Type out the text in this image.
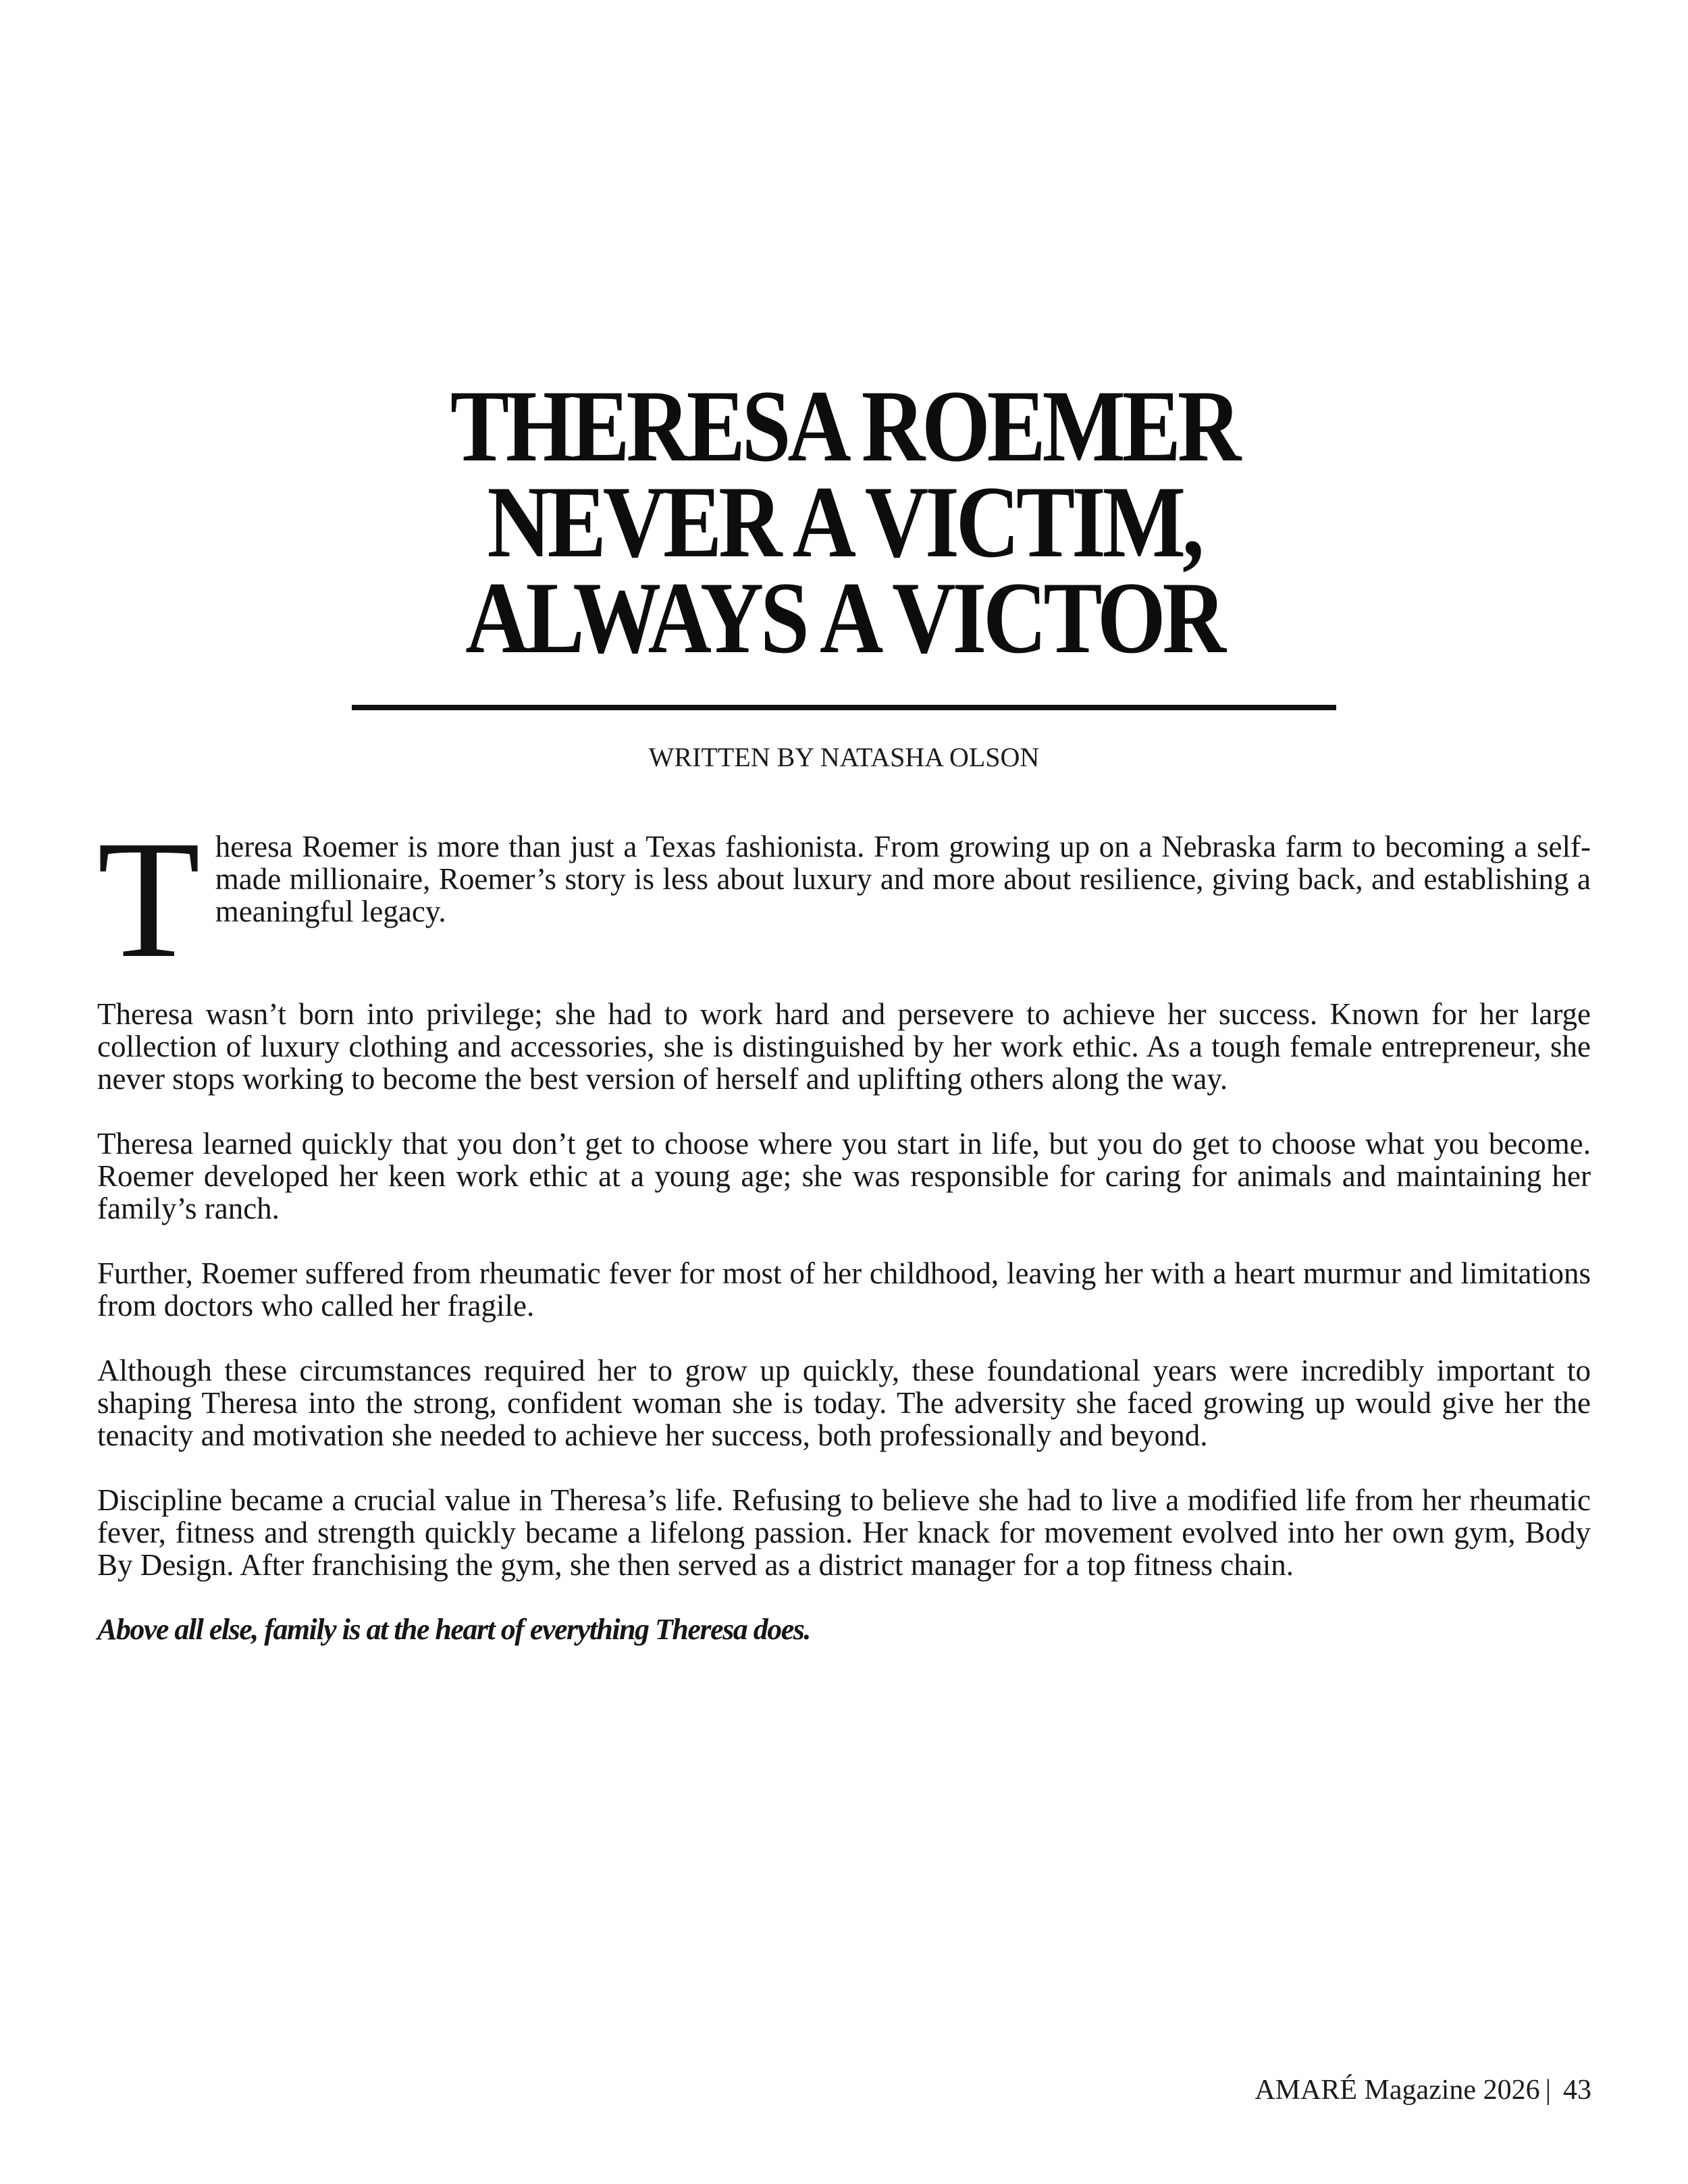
THERESA ROEMER
NEVER A VICTIM,
ALWAYS A VICTOR
WRITTEN BY NATASHA OLSON

Theresa Roemer is more than just a Texas fashionista. From growing up on a Nebraska farm to becoming a self-made millionaire, Roemer’s story is less about luxury and more about resilience, giving back, and establishing a meaningful legacy.

Theresa wasn’t born into privilege; she had to work hard and persevere to achieve her success. Known for her large collection of luxury clothing and accessories, she is distinguished by her work ethic. As a tough female entrepreneur, she never stops working to become the best version of herself and uplifting others along the way.

Theresa learned quickly that you don’t get to choose where you start in life, but you do get to choose what you become. Roemer developed her keen work ethic at a young age; she was responsible for caring for animals and maintaining her family’s ranch.

Further, Roemer suffered from rheumatic fever for most of her childhood, leaving her with a heart murmur and limitations from doctors who called her fragile.

Although these circumstances required her to grow up quickly, these foundational years were incredibly important to shaping Theresa into the strong, confident woman she is today. The adversity she faced growing up would give her the tenacity and motivation she needed to achieve her success, both professionally and beyond.

Discipline became a crucial value in Theresa’s life. Refusing to believe she had to live a modified life from her rheumatic fever, fitness and strength quickly became a lifelong passion. Her knack for movement evolved into her own gym, Body By Design. After franchising the gym, she then served as a district manager for a top fitness chain.

Above all else, family is at the heart of everything Theresa does.

AMARÉ Magazine 2026 | 43
